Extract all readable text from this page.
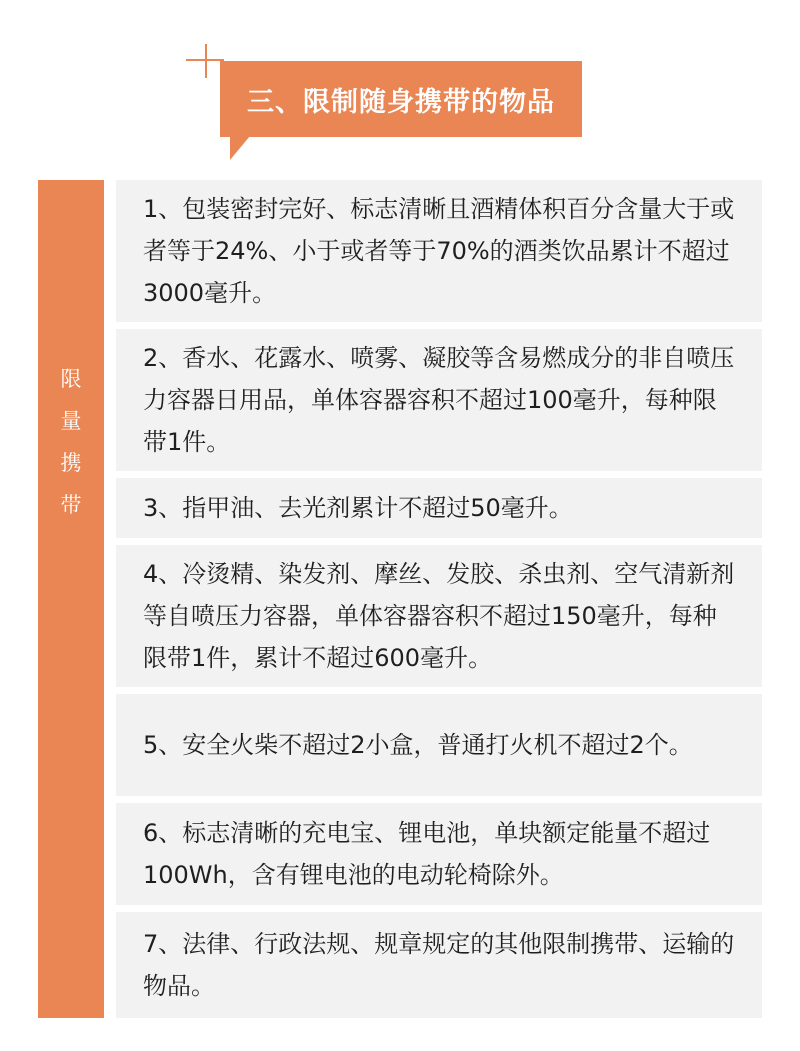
三、限制随身携带的物品
限量携带
1、包装密封完好、标志清晰且酒精体积百分含量大于或者等于24%、小于或者等于70%的酒类饮品累计不超过3000毫升。
2、香水、花露水、喷雾、凝胶等含易燃成分的非自喷压力容器日用品，单体容器容积不超过100毫升，每种限带1件。
3、指甲油、去光剂累计不超过50毫升。
4、冷烫精、染发剂、摩丝、发胶、杀虫剂、空气清新剂等自喷压力容器，单体容器容积不超过150毫升，每种限带1件，累计不超过600毫升。
5、安全火柴不超过2小盒，普通打火机不超过2个。
6、标志清晰的充电宝、锂电池，单块额定能量不超过100Wh，含有锂电池的电动轮椅除外。
7、法律、行政法规、规章规定的其他限制携带、运输的物品。
